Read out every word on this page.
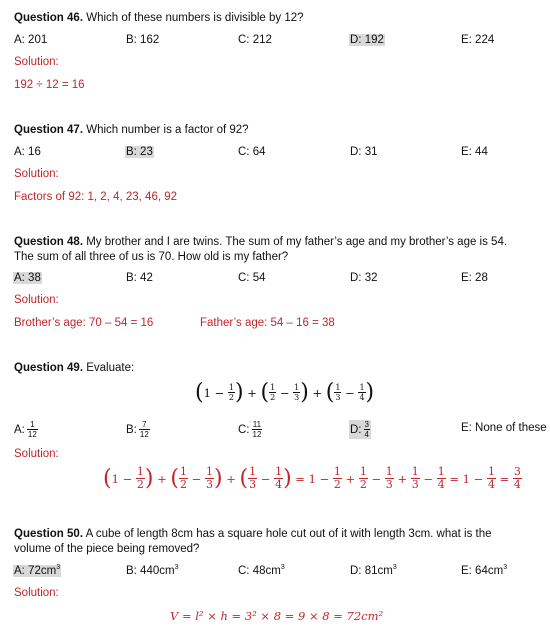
Question 46. Which of these numbers is divisible by 12?
A: 201	B: 162	C: 212	D: 192	E: 224
Solution:
192 ÷ 12 = 16
Question 47. Which number is a factor of 92?
A: 16	B: 23	C: 64	D: 31	E: 44
Solution:
Factors of 92: 1, 2, 4, 23, 46, 92
Question 48. My brother and I are twins. The sum of my father’s age and my brother’s age is 54.
The sum of all three of us is 70. How old is my father?
A: 38	B: 42	C: 54	D: 32	E: 28
Solution:
Brother’s age: 70 – 54 = 16	Father’s age: 54 – 16 = 38
Question 49. Evaluate:
($1 - \frac{1}{2}$ ) + ( $\frac{1}{2} - \frac{1}{3}$ ) + ( $\frac{1}{3} - \frac{1}{4}$ )
A: $\frac{1}{12}$	B: $\frac{7}{12}$	C: $\frac{11}{12}$	D: $\frac{3}{4}$	E: None of these
Solution:
($1 - \frac{1}{2}$ ) + ( $\frac{1}{2} - \frac{1}{3}$ ) + ( $\frac{1}{3} - \frac{1}{4}$ ) = $1 - \frac{1}{2} + \frac{1}{2} - \frac{1}{3} + \frac{1}{3} - \frac{1}{4} = 1 - \frac{1}{4} = \frac{3}{4}$
Question 50. A cube of length 8cm has a square hole cut out of it with length 3cm. what is the
volume of the piece being removed?
A: $72cm^3$	B: $440cm^3$	C: $48cm^3$	D: $81cm^3$	E: $64cm^3$
Solution:
V = l² × h = 3² × 8 = 9 × 8 = 72cm²
